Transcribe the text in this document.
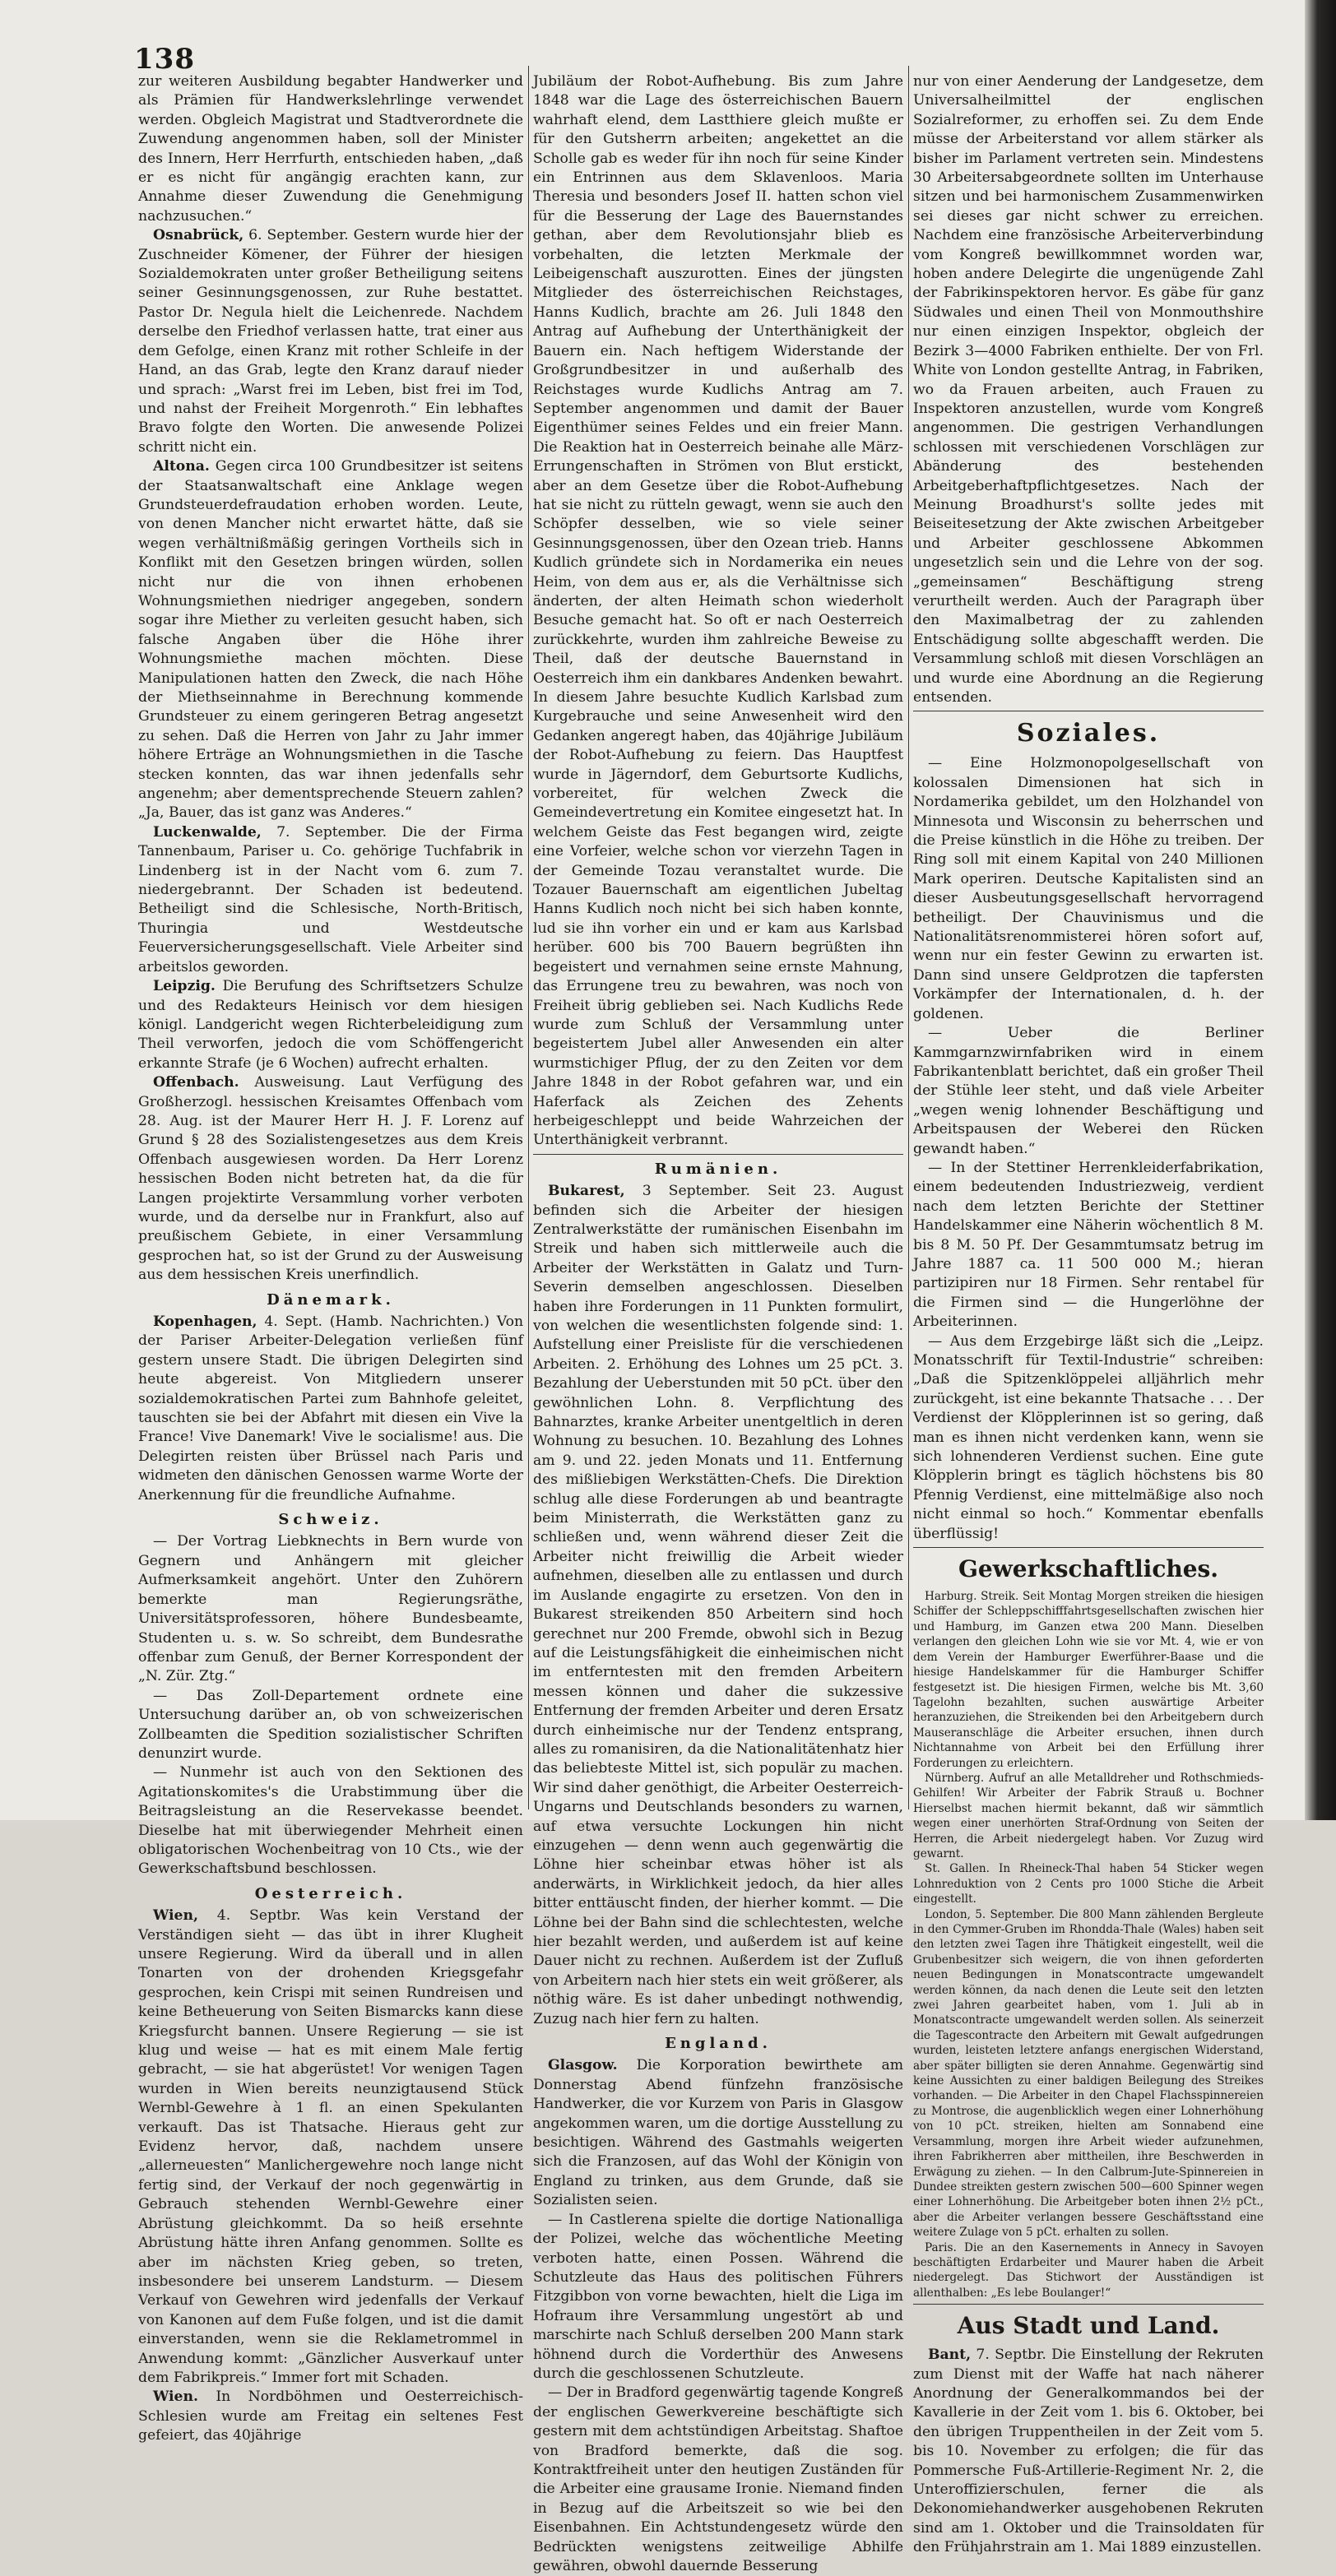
138

zur weiteren Ausbildung begabter Handwerker und als Prämien für Handwerkslehrlinge verwendet werden. Obgleich Magistrat und Stadtverordnete die Zuwendung angenommen haben, soll der Minister des Innern, Herr Herrfurth, entschieden haben, „daß er es nicht für angängig erachten kann, zur Annahme dieser Zuwendung die Genehmigung nachzusuchen.“

Osnabrück, 6. September. Gestern wurde hier der Zuschneider Kömener, der Führer der hiesigen Sozialdemokraten unter großer Betheiligung seitens seiner Gesinnungsgenossen, zur Ruhe bestattet. Pastor Dr. Negula hielt die Leichenrede. Nachdem derselbe den Friedhof verlassen hatte, trat einer aus dem Gefolge, einen Kranz mit rother Schleife in der Hand, an das Grab, legte den Kranz darauf nieder und sprach: „Warst frei im Leben, bist frei im Tod, und nahst der Freiheit Morgenroth.“ Ein lebhaftes Bravo folgte den Worten. Die anwesende Polizei schritt nicht ein.

Altona. Gegen circa 100 Grundbesitzer ist seitens der Staatsanwaltschaft eine Anklage wegen Grundsteuerdefraudation erhoben worden. Leute, von denen Mancher nicht erwartet hätte, daß sie wegen verhältnißmäßig geringen Vortheils sich in Konflikt mit den Gesetzen bringen würden, sollen nicht nur die von ihnen erhobenen Wohnungsmiethen niedriger angegeben, sondern sogar ihre Miether zu verleiten gesucht haben, sich falsche Angaben über die Höhe ihrer Wohnungsmiethe machen möchten. Diese Manipulationen hatten den Zweck, die nach Höhe der Miethseinnahme in Berechnung kommende Grundsteuer zu einem geringeren Betrag angesetzt zu sehen. Daß die Herren von Jahr zu Jahr immer höhere Erträge an Wohnungsmiethen in die Tasche stecken konnten, das war ihnen jedenfalls sehr angenehm; aber dementsprechende Steuern zahlen? „Ja, Bauer, das ist ganz was Anderes.“

Luckenwalde, 7. September. Die der Firma Tannenbaum, Pariser u. Co. gehörige Tuchfabrik in Lindenberg ist in der Nacht vom 6. zum 7. niedergebrannt. Der Schaden ist bedeutend. Betheiligt sind die Schlesische, North-Britisch, Thuringia und Westdeutsche Feuerversicherungsgesellschaft. Viele Arbeiter sind arbeitslos geworden.

Leipzig. Die Berufung des Schriftsetzers Schulze und des Redakteurs Heinisch vor dem hiesigen königl. Landgericht wegen Richterbeleidigung zum Theil verworfen, jedoch die vom Schöffengericht erkannte Strafe (je 6 Wochen) aufrecht erhalten.

Offenbach. Ausweisung. Laut Verfügung des Großherzogl. hessischen Kreisamtes Offenbach vom 28. Aug. ist der Maurer Herr H. J. F. Lorenz auf Grund § 28 des Sozialistengesetzes aus dem Kreis Offenbach ausgewiesen worden. Da Herr Lorenz hessischen Boden nicht betreten hat, da die für Langen projektirte Versammlung vorher verboten wurde, und da derselbe nur in Frankfurt, also auf preußischem Gebiete, in einer Versammlung gesprochen hat, so ist der Grund zu der Ausweisung aus dem hessischen Kreis unerfindlich.

Dänemark.

Kopenhagen, 4. Sept. (Hamb. Nachrichten.) Von der Pariser Arbeiter-Delegation verließen fünf gestern unsere Stadt. Die übrigen Delegirten sind heute abgereist. Von Mitgliedern unserer sozialdemokratischen Partei zum Bahnhofe geleitet, tauschten sie bei der Abfahrt mit diesen ein Vive la France! Vive Danemark! Vive le socialisme! aus. Die Delegirten reisten über Brüssel nach Paris und widmeten den dänischen Genossen warme Worte der Anerkennung für die freundliche Aufnahme.

Schweiz.

— Der Vortrag Liebknechts in Bern wurde von Gegnern und Anhängern mit gleicher Aufmerksamkeit angehört. Unter den Zuhörern bemerkte man Regierungsräthe, Universitätsprofessoren, höhere Bundesbeamte, Studenten u. s. w. So schreibt, dem Bundesrathe offenbar zum Genuß, der Berner Korrespondent der „N. Zür. Ztg.“

— Das Zoll-Departement ordnete eine Untersuchung darüber an, ob von schweizerischen Zollbeamten die Spedition sozialistischer Schriften denunzirt wurde.

— Nunmehr ist auch von den Sektionen des Agitationskomites's die Urabstimmung über die Beitragsleistung an die Reservekasse beendet. Dieselbe hat mit überwiegender Mehrheit einen obligatorischen Wochenbeitrag von 10 Cts., wie der Gewerkschaftsbund beschlossen.

Oesterreich.

Wien, 4. Septbr. Was kein Verstand der Verständigen sieht — das übt in ihrer Klugheit unsere Regierung. Wird da überall und in allen Tonarten von der drohenden Kriegsgefahr gesprochen, kein Crispi mit seinen Rundreisen und keine Betheuerung von Seiten Bismarcks kann diese Kriegsfurcht bannen. Unsere Regierung — sie ist klug und weise — hat es mit einem Male fertig gebracht, — sie hat abgerüstet! Vor wenigen Tagen wurden in Wien bereits neunzigtausend Stück Wernbl-Gewehre à 1 fl. an einen Spekulanten verkauft. Das ist Thatsache. Hieraus geht zur Evidenz hervor, daß, nachdem unsere „allerneuesten“ Manlichergewehre noch lange nicht fertig sind, der Verkauf der noch gegenwärtig in Gebrauch stehenden Wernbl-Gewehre einer Abrüstung gleichkommt. Da so heiß ersehnte Abrüstung hätte ihren Anfang genommen. Sollte es aber im nächsten Krieg geben, so treten, insbesondere bei unserem Landsturm. — Diesem Verkauf von Gewehren wird jedenfalls der Verkauf von Kanonen auf dem Fuße folgen, und ist die damit einverstanden, wenn sie die Reklametrommel in Anwendung kommt: „Gänzlicher Ausverkauf unter dem Fabrikpreis.“ Immer fort mit Schaden.

Wien. In Nordböhmen und Oesterreichisch-Schlesien wurde am Freitag ein seltenes Fest gefeiert, das 40jährige

Jubiläum der Robot-Aufhebung. Bis zum Jahre 1848 war die Lage des österreichischen Bauern wahrhaft elend, dem Lastthiere gleich mußte er für den Gutsherrn arbeiten; angekettet an die Scholle gab es weder für ihn noch für seine Kinder ein Entrinnen aus dem Sklavenloos. Maria Theresia und besonders Josef II. hatten schon viel für die Besserung der Lage des Bauernstandes gethan, aber dem Revolutionsjahr blieb es vorbehalten, die letzten Merkmale der Leibeigenschaft auszurotten. Eines der jüngsten Mitglieder des österreichischen Reichstages, Hanns Kudlich, brachte am 26. Juli 1848 den Antrag auf Aufhebung der Unterthänigkeit der Bauern ein. Nach heftigem Widerstande der Großgrundbesitzer in und außerhalb des Reichstages wurde Kudlichs Antrag am 7. September angenommen und damit der Bauer Eigenthümer seines Feldes und ein freier Mann. Die Reaktion hat in Oesterreich beinahe alle März-Errungenschaften in Strömen von Blut erstickt, aber an dem Gesetze über die Robot-Aufhebung hat sie nicht zu rütteln gewagt, wenn sie auch den Schöpfer desselben, wie so viele seiner Gesinnungsgenossen, über den Ozean trieb. Hanns Kudlich gründete sich in Nordamerika ein neues Heim, von dem aus er, als die Verhältnisse sich änderten, der alten Heimath schon wiederholt Besuche gemacht hat. So oft er nach Oesterreich zurückkehrte, wurden ihm zahlreiche Beweise zu Theil, daß der deutsche Bauernstand in Oesterreich ihm ein dankbares Andenken bewahrt. In diesem Jahre besuchte Kudlich Karlsbad zum Kurgebrauche und seine Anwesenheit wird den Gedanken angeregt haben, das 40jährige Jubiläum der Robot-Aufhebung zu feiern. Das Hauptfest wurde in Jägerndorf, dem Geburtsorte Kudlichs, vorbereitet, für welchen Zweck die Gemeindevertretung ein Komitee eingesetzt hat. In welchem Geiste das Fest begangen wird, zeigte eine Vorfeier, welche schon vor vierzehn Tagen in der Gemeinde Tozau veranstaltet wurde. Die Tozauer Bauernschaft am eigentlichen Jubeltag Hanns Kudlich noch nicht bei sich haben konnte, lud sie ihn vorher ein und er kam aus Karlsbad herüber. 600 bis 700 Bauern begrüßten ihn begeistert und vernahmen seine ernste Mahnung, das Errungene treu zu bewahren, was noch von Freiheit übrig geblieben sei. Nach Kudlichs Rede wurde zum Schluß der Versammlung unter begeistertem Jubel aller Anwesenden ein alter wurmstichiger Pflug, der zu den Zeiten vor dem Jahre 1848 in der Robot gefahren war, und ein Haferfack als Zeichen des Zehents herbeigeschleppt und beide Wahrzeichen der Unterthänigkeit verbrannt.

Rumänien.

Bukarest, 3 September. Seit 23. August befinden sich die Arbeiter der hiesigen Zentralwerkstätte der rumänischen Eisenbahn im Streik und haben sich mittlerweile auch die Arbeiter der Werkstätten in Galatz und Turn-Severin demselben angeschlossen. Dieselben haben ihre Forderungen in 11 Punkten formulirt, von welchen die wesentlichsten folgende sind: 1. Aufstellung einer Preisliste für die verschiedenen Arbeiten. 2. Erhöhung des Lohnes um 25 pCt. 3. Bezahlung der Ueberstunden mit 50 pCt. über den gewöhnlichen Lohn. 8. Verpflichtung des Bahnarztes, kranke Arbeiter unentgeltlich in deren Wohnung zu besuchen. 10. Bezahlung des Lohnes am 9. und 22. jeden Monats und 11. Entfernung des mißliebigen Werkstätten-Chefs. Die Direktion schlug alle diese Forderungen ab und beantragte beim Ministerrath, die Werkstätten ganz zu schließen und, wenn während dieser Zeit die Arbeiter nicht freiwillig die Arbeit wieder aufnehmen, dieselben alle zu entlassen und durch im Auslande engagirte zu ersetzen. Von den in Bukarest streikenden 850 Arbeitern sind hoch gerechnet nur 200 Fremde, obwohl sich in Bezug auf die Leistungsfähigkeit die einheimischen nicht im entferntesten mit den fremden Arbeitern messen können und daher die sukzessive Entfernung der fremden Arbeiter und deren Ersatz durch einheimische nur der Tendenz entsprang, alles zu romanisiren, da die Nationalitätenhatz hier das beliebteste Mittel ist, sich populär zu machen. Wir sind daher genöthigt, die Arbeiter Oesterreich-Ungarns und Deutschlands besonders zu warnen, auf etwa versuchte Lockungen hin nicht einzugehen — denn wenn auch gegenwärtig die Löhne hier scheinbar etwas höher ist als anderwärts, in Wirklichkeit jedoch, da hier alles bitter enttäuscht finden, der hierher kommt. — Die Löhne bei der Bahn sind die schlechtesten, welche hier bezahlt werden, und außerdem ist auf keine Dauer nicht zu rechnen. Außerdem ist der Zufluß von Arbeitern nach hier stets ein weit größerer, als nöthig wäre. Es ist daher unbedingt nothwendig, Zuzug nach hier fern zu halten.

England.

Glasgow. Die Korporation bewirthete am Donnerstag Abend fünfzehn französische Handwerker, die vor Kurzem von Paris in Glasgow angekommen waren, um die dortige Ausstellung zu besichtigen. Während des Gastmahls weigerten sich die Franzosen, auf das Wohl der Königin von England zu trinken, aus dem Grunde, daß sie Sozialisten seien.

— In Castlerena spielte die dortige Nationalliga der Polizei, welche das wöchentliche Meeting verboten hatte, einen Possen. Während die Schutzleute das Haus des politischen Führers Fitzgibbon von vorne bewachten, hielt die Liga im Hofraum ihre Versammlung ungestört ab und marschirte nach Schluß derselben 200 Mann stark höhnend durch die Vorderthür des Anwesens durch die geschlossenen Schutzleute.

— Der in Bradford gegenwärtig tagende Kongreß der englischen Gewerkvereine beschäftigte sich gestern mit dem achtstündigen Arbeitstag. Shaftoe von Bradford bemerkte, daß die sog. Kontraktfreiheit unter den heutigen Zuständen für die Arbeiter eine grausame Ironie. Niemand finden in Bezug auf die Arbeitszeit so wie bei den Eisenbahnen. Ein Achtstundengesetz würde den Bedrückten wenigstens zeitweilige Abhilfe gewähren, obwohl dauernde Besserung

nur von einer Aenderung der Landgesetze, dem Universalheilmittel der englischen Sozialreformer, zu erhoffen sei. Zu dem Ende müsse der Arbeiterstand vor allem stärker als bisher im Parlament vertreten sein. Mindestens 30 Arbeitersabgeordnete sollten im Unterhause sitzen und bei harmonischem Zusammenwirken sei dieses gar nicht schwer zu erreichen. Nachdem eine französische Arbeiterverbindung vom Kongreß bewillkommnet worden war, hoben andere Delegirte die ungenügende Zahl der Fabrikinspektoren hervor. Es gäbe für ganz Südwales und einen Theil von Monmouthshire nur einen einzigen Inspektor, obgleich der Bezirk 3—4000 Fabriken enthielte. Der von Frl. White von London gestellte Antrag, in Fabriken, wo da Frauen arbeiten, auch Frauen zu Inspektoren anzustellen, wurde vom Kongreß angenommen. Die gestrigen Verhandlungen schlossen mit verschiedenen Vorschlägen zur Abänderung des bestehenden Arbeitgeberhaftpflichtgesetzes. Nach der Meinung Broadhurst's sollte jedes mit Beiseitesetzung der Akte zwischen Arbeitgeber und Arbeiter geschlossene Abkommen ungesetzlich sein und die Lehre von der sog. „gemeinsamen“ Beschäftigung streng verurtheilt werden. Auch der Paragraph über den Maximalbetrag der zu zahlenden Entschädigung sollte abgeschafft werden. Die Versammlung schloß mit diesen Vorschlägen an und wurde eine Abordnung an die Regierung entsenden.

Soziales.

— Eine Holzmonopolgesellschaft von kolossalen Dimensionen hat sich in Nordamerika gebildet, um den Holzhandel von Minnesota und Wisconsin zu beherrschen und die Preise künstlich in die Höhe zu treiben. Der Ring soll mit einem Kapital von 240 Millionen Mark operiren. Deutsche Kapitalisten sind an dieser Ausbeutungsgesellschaft hervorragend betheiligt. Der Chauvinismus und die Nationalitätsrenommisterei hören sofort auf, wenn nur ein fester Gewinn zu erwarten ist. Dann sind unsere Geldprotzen die tapfersten Vorkämpfer der Internationalen, d. h. der goldenen.

— Ueber die Berliner Kammgarnzwirnfabriken wird in einem Fabrikantenblatt berichtet, daß ein großer Theil der Stühle leer steht, und daß viele Arbeiter „wegen wenig lohnender Beschäftigung und Arbeitspausen der Weberei den Rücken gewandt haben.“

— In der Stettiner Herrenkleiderfabrikation, einem bedeutenden Industriezweig, verdient nach dem letzten Berichte der Stettiner Handelskammer eine Näherin wöchentlich 8 M. bis 8 M. 50 Pf. Der Gesammtumsatz betrug im Jahre 1887 ca. 11 500 000 M.; hieran partizipiren nur 18 Firmen. Sehr rentabel für die Firmen sind — die Hungerlöhne der Arbeiterinnen.

— Aus dem Erzgebirge läßt sich die „Leipz. Monatsschrift für Textil-Industrie“ schreiben: „Daß die Spitzenklöppelei alljährlich mehr zurückgeht, ist eine bekannte Thatsache . . . Der Verdienst der Klöpplerinnen ist so gering, daß man es ihnen nicht verdenken kann, wenn sie sich lohnenderen Verdienst suchen. Eine gute Klöpplerin bringt es täglich höchstens bis 80 Pfennig Verdienst, eine mittelmäßige also noch nicht einmal so hoch.“ Kommentar ebenfalls überflüssig!

Gewerkschaftliches.

Harburg. Streik. Seit Montag Morgen streiken die hiesigen Schiffer der Schleppschifffahrtsgesellschaften zwischen hier und Hamburg, im Ganzen etwa 200 Mann. Dieselben verlangen den gleichen Lohn wie sie vor Mt. 4, wie er von dem Verein der Hamburger Ewerführer-Baase und die hiesige Handelskammer für die Hamburger Schiffer festgesetzt ist. Die hiesigen Firmen, welche bis Mt. 3,60 Tagelohn bezahlten, suchen auswärtige Arbeiter heranzuziehen, die Streikenden bei den Arbeitgebern durch Mauseranschläge die Arbeiter ersuchen, ihnen durch Nichtannahme von Arbeit bei den Erfüllung ihrer Forderungen zu erleichtern.

Nürnberg. Aufruf an alle Metalldreher und Rothschmieds-Gehilfen! Wir Arbeiter der Fabrik Strauß u. Bochner Hierselbst machen hiermit bekannt, daß wir sämmtlich wegen einer unerhörten Straf-Ordnung von Seiten der Herren, die Arbeit niedergelegt haben. Vor Zuzug wird gewarnt.

St. Gallen. In Rheineck-Thal haben 54 Sticker wegen Lohnreduktion von 2 Cents pro 1000 Stiche die Arbeit eingestellt.

London, 5. September. Die 800 Mann zählenden Bergleute in den Cymmer-Gruben im Rhondda-Thale (Wales) haben seit den letzten zwei Tagen ihre Thätigkeit eingestellt, weil die Grubenbesitzer sich weigern, die von ihnen geforderten neuen Bedingungen in Monatscontracte umgewandelt werden können, da nach denen die Leute seit den letzten zwei Jahren gearbeitet haben, vom 1. Juli ab in Monatscontracte umgewandelt werden sollen. Als seinerzeit die Tagescontracte den Arbeitern mit Gewalt aufgedrungen wurden, leisteten letztere anfangs energischen Widerstand, aber später billigten sie deren Annahme. Gegenwärtig sind keine Aussichten zu einer baldigen Beilegung des Streikes vorhanden. — Die Arbeiter in den Chapel Flachsspinnereien zu Montrose, die augenblicklich wegen einer Lohnerhöhung von 10 pCt. streiken, hielten am Sonnabend eine Versammlung, morgen ihre Arbeit wieder aufzunehmen, ihren Fabrikherren aber mittheilen, ihre Beschwerden in Erwägung zu ziehen. — In den Calbrum-Jute-Spinnereien in Dundee streikten gestern zwischen 500—600 Spinner wegen einer Lohnerhöhung. Die Arbeitgeber boten ihnen 2½ pCt., aber die Arbeiter verlangen bessere Geschäftsstand eine weitere Zulage von 5 pCt. erhalten zu sollen.

Paris. Die an den Kasernements in Annecy in Savoyen beschäftigten Erdarbeiter und Maurer haben die Arbeit niedergelegt. Das Stichwort der Ausständigen ist allenthalben: „Es lebe Boulanger!“

Aus Stadt und Land.

Bant, 7. Septbr. Die Einstellung der Rekruten zum Dienst mit der Waffe hat nach näherer Anordnung der Generalkommandos bei der Kavallerie in der Zeit vom 1. bis 6. Oktober, bei den übrigen Truppentheilen in der Zeit vom 5. bis 10. November zu erfolgen; die für das Pommersche Fuß-Artillerie-Regiment Nr. 2, die Unteroffizierschulen, ferner die als Dekonomiehandwerker ausgehobenen Rekruten sind am 1. Oktober und die Trainsoldaten für den Frühjahrstrain am 1. Mai 1889 einzustellen.
